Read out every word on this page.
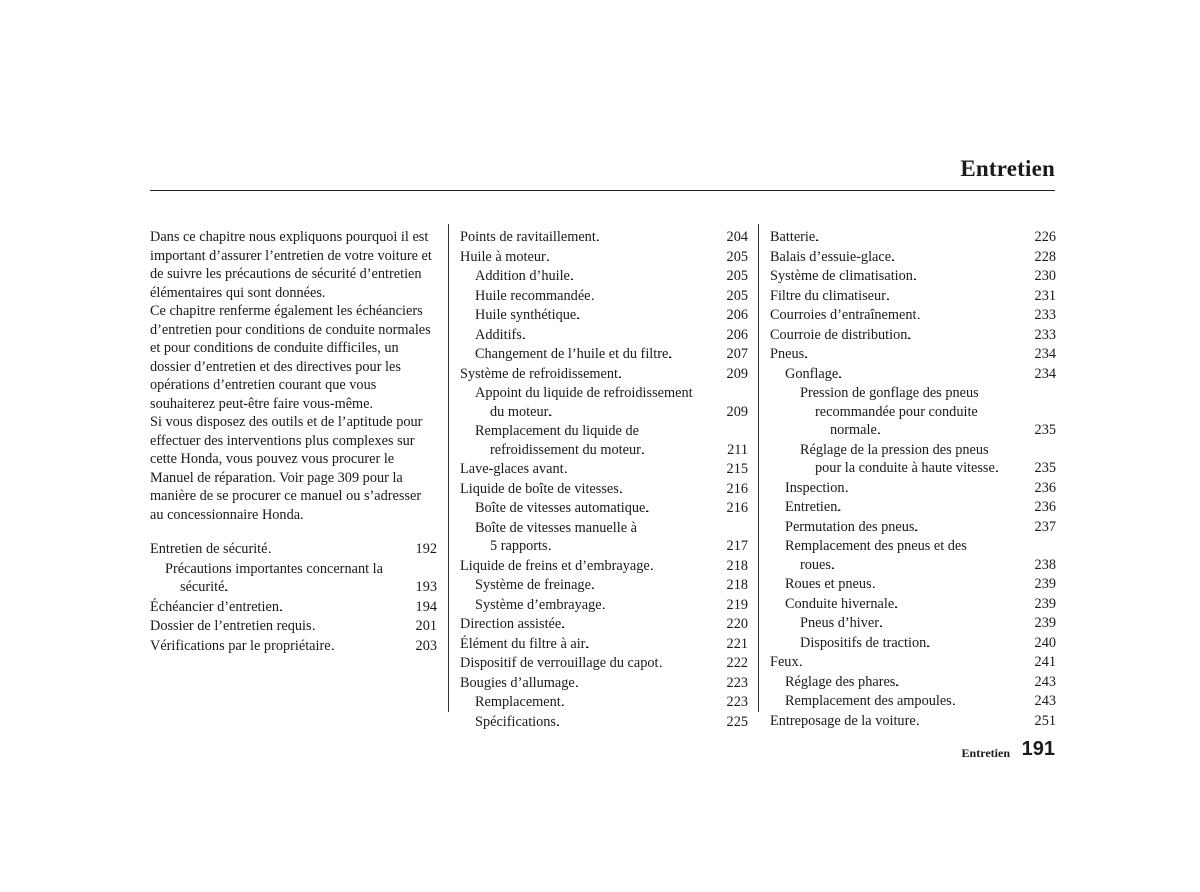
Entretien

Dans ce chapitre nous expliquons pourquoi il est important d’assurer l’entretien de votre voiture et de suivre les précautions de sécurité d’entretien élémentaires qui sont données.

Ce chapitre renferme également les échéanciers d’entretien pour conditions de conduite normales et pour conditions de conduite difficiles, un dossier d’entretien et des directives pour les opérations d’entretien courant que vous souhaiterez peut-être faire vous-même.

Si vous disposez des outils et de l’aptitude pour effectuer des interventions plus complexes sur cette Honda, vous pouvez vous procurer le Manuel de réparation. Voir page 309 pour la manière de se procurer ce manuel ou s’adresser au concessionnaire Honda.

Entretien de sécurité . . .	192
Précautions importantes concernant la
sécurité . . .	193
Échéancier d’entretien . . .	194
Dossier de l’entretien requis . . .	201
Vérifications par le propriétaire . . .	203
Points de ravitaillement . . .	204
Huile à moteur . . .	205
Addition d’huile . . .	205
Huile recommandée . . .	205
Huile synthétique . . .	206
Additifs . . .	206
Changement de l’huile et du filtre . . .	207
Système de refroidissement . . .	209
Appoint du liquide de refroidissement
du moteur . . .	209
Remplacement du liquide de
refroidissement du moteur . . .	211
Lave-glaces avant . . .	215
Liquide de boîte de vitesses . . .	216
Boîte de vitesses automatique . . .	216
Boîte de vitesses manuelle à
5 rapports . . .	217
Liquide de freins et d’embrayage . . .	218
Système de freinage . . .	218
Système d’embrayage . . .	219
Direction assistée . . .	220
Élément du filtre à air . . .	221
Dispositif de verrouillage du capot . . .	222
Bougies d’allumage . . .	223
Remplacement . . .	223
Spécifications . . .	225
Batterie . . .	226
Balais d’essuie-glace . . .	228
Système de climatisation . . .	230
Filtre du climatiseur . . .	231
Courroies d’entraînement . . .	233
Courroie de distribution . . .	233
Pneus . . .	234
Gonflage . . .	234
Pression de gonflage des pneus
recommandée pour conduite
normale . . .	235
Réglage de la pression des pneus
pour la conduite à haute vitesse . . .	235
Inspection . . .	236
Entretien . . .	236
Permutation des pneus . . .	237
Remplacement des pneus et des
roues . . .	238
Roues et pneus . . .	239
Conduite hivernale . . .	239
Pneus d’hiver . . .	239
Dispositifs de traction . . .	240
Feux . . .	241
Réglage des phares . . .	243
Remplacement des ampoules . . .	243
Entreposage de la voiture . . .	251
Entretien 191
